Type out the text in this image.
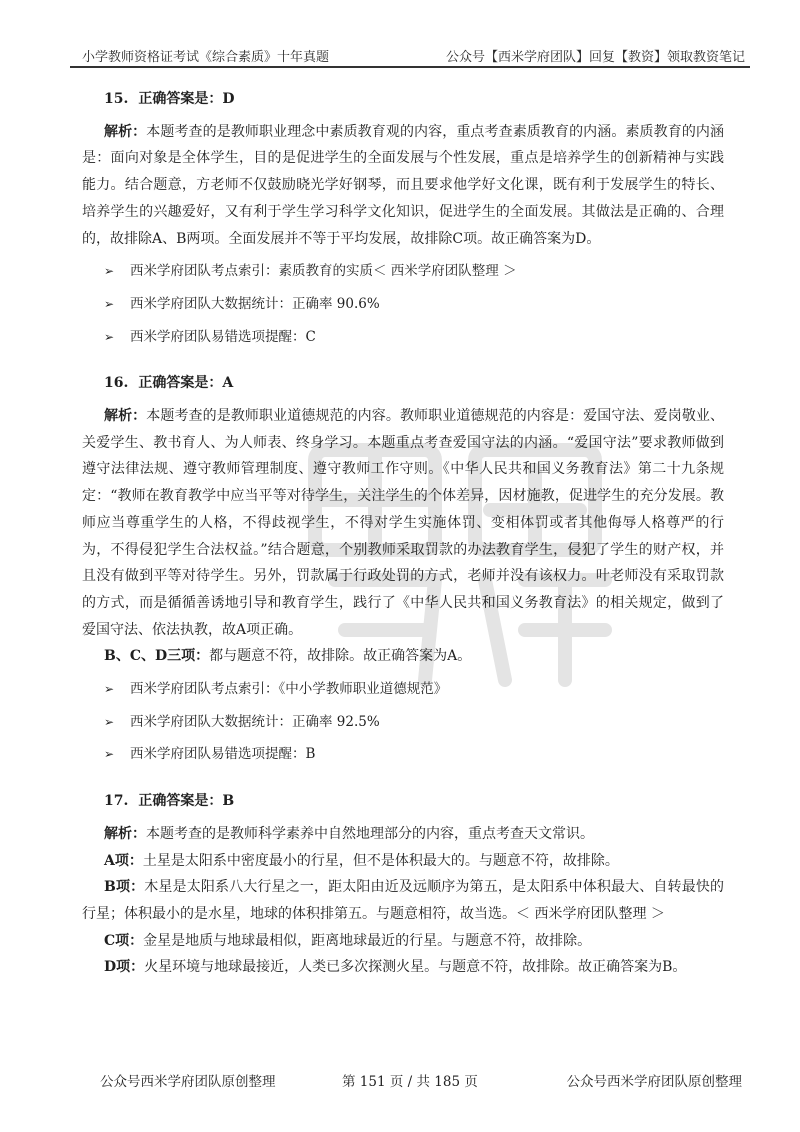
小学教师资格证考试《综合素质》十年真题	公众号【西米学府团队】回复【教资】领取教资笔记
15. 正确答案是：D

解析：本题考查的是教师职业理念中素质教育观的内容，重点考查素质教育的内涵。素质教育的内涵是：面向对象是全体学生，目的是促进学生的全面发展与个性发展，重点是培养学生的创新精神与实践能力。结合题意，方老师不仅鼓励晓光学好钢琴，而且要求他学好文化课，既有利于发展学生的特长、培养学生的兴趣爱好，又有利于学生学习科学文化知识，促进学生的全面发展。其做法是正确的、合理的，故排除A、B两项。全面发展并不等于平均发展，故排除C项。故正确答案为D。

➢ 西米学府团队考点索引：素质教育的实质＜ 西米学府团队整理 ＞
➢ 西米学府团队大数据统计：正确率 90.6%
➢ 西米学府团队易错选项提醒：C
16. 正确答案是：A

解析：本题考查的是教师职业道德规范的内容。教师职业道德规范的内容是：爱国守法、爱岗敬业、关爱学生、教书育人、为人师表、终身学习。本题重点考查爱国守法的内涵。“爱国守法”要求教师做到遵守法律法规、遵守教师管理制度、遵守教师工作守则。《中华人民共和国义务教育法》第二十九条规定：“教师在教育教学中应当平等对待学生，关注学生的个体差异，因材施教，促进学生的充分发展。教师应当尊重学生的人格，不得歧视学生，不得对学生实施体罚、变相体罚或者其他侮辱人格尊严的行为，不得侵犯学生合法权益。”结合题意，个别教师采取罚款的办法教育学生，侵犯了学生的财产权，并且没有做到平等对待学生。另外，罚款属于行政处罚的方式，老师并没有该权力。叶老师没有采取罚款的方式，而是循循善诱地引导和教育学生，践行了《中华人民共和国义务教育法》的相关规定，做到了爱国守法、依法执教，故A项正确。

B、C、D三项：都与题意不符，故排除。故正确答案为A。

➢ 西米学府团队考点索引：《中小学教师职业道德规范》
➢ 西米学府团队大数据统计：正确率 92.5%
➢ 西米学府团队易错选项提醒：B
17. 正确答案是：B

解析：本题考查的是教师科学素养中自然地理部分的内容，重点考查天文常识。

A项：土星是太阳系中密度最小的行星，但不是体积最大的。与题意不符，故排除。

B项：木星是太阳系八大行星之一，距太阳由近及远顺序为第五，是太阳系中体积最大、自转最快的行星；体积最小的是水星，地球的体积排第五。与题意相符，故当选。＜ 西米学府团队整理 ＞

C项：金星是地质与地球最相似，距离地球最近的行星。与题意不符，故排除。

D项：火星环境与地球最接近，人类已多次探测火星。与题意不符，故排除。故正确答案为B。

公众号西米学府团队原创整理	第 151 页 / 共 185 页	公众号西米学府团队原创整理
